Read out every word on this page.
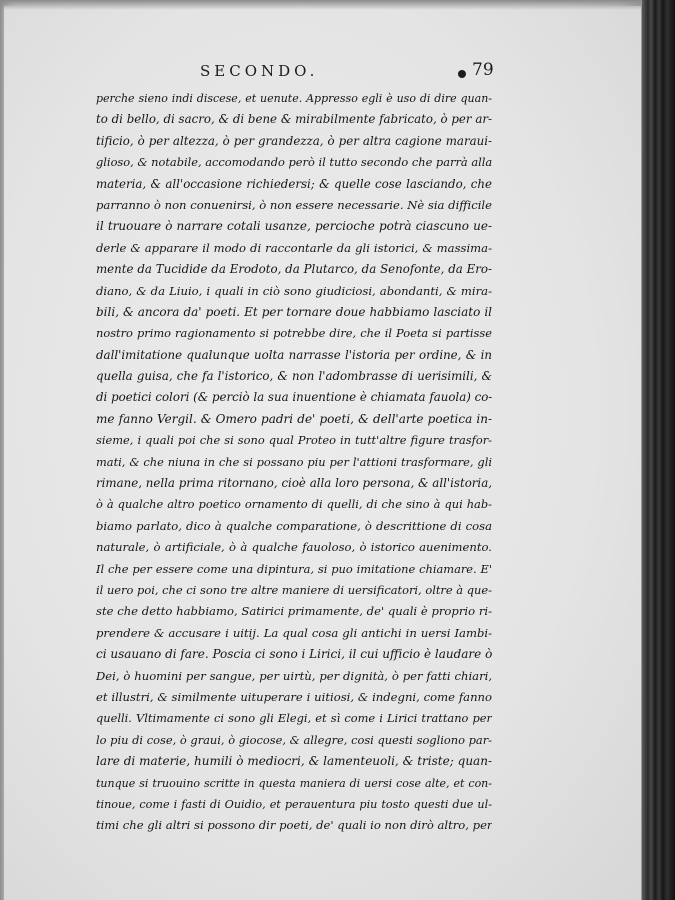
SECONDO.	79
perche sieno indi discese, et uenute. Appresso egli è uso di dire quan-
to di bello, di sacro, & di bene & mirabilmente fabricato, ò per ar-
tificio, ò per altezza, ò per grandezza, ò per altra cagione maraui-
glioso, & notabile, accomodando però il tutto secondo che parrà alla
materia, & all'occasione richiedersi; & quelle cose lasciando, che
parranno ò non conuenirsi, ò non essere necessarie. Nè sia difficile
il truouare ò narrare cotali usanze, percioche potrà ciascuno ue-
derle & apparare il modo di raccontarle da gli istorici, & massima-
mente da Tucidide da Erodoto, da Plutarco, da Senofonte, da Ero-
diano, & da Liuio, i quali in ciò sono giudiciosi, abondanti, & mira-
bili, & ancora da' poeti. Et per tornare doue habbiamo lasciato il
nostro primo ragionamento si potrebbe dire, che il Poeta si partisse
dall'imitatione qualunque uolta narrasse l'istoria per ordine, & in
quella guisa, che fa l'istorico, & non l'adombrasse di uerisimili, &
di poetici colori (& perciò la sua inuentione è chiamata fauola) co-
me fanno Vergil. & Omero padri de' poeti, & dell'arte poetica in-
sieme, i quali poi che si sono qual Proteo in tutt'altre figure trasfor-
mati, & che niuna in che si possano piu per l'attioni trasformare, gli
rimane, nella prima ritornano, cioè alla loro persona, & all'istoria,
ò à qualche altro poetico ornamento di quelli, di che sino à qui hab-
biamo parlato, dico à qualche comparatione, ò descrittione di cosa
naturale, ò artificiale, ò à qualche fauoloso, ò istorico auenimento.
Il che per essere come una dipintura, si puo imitatione chiamare. E'
il uero poi, che ci sono tre altre maniere di uersificatori, oltre à que-
ste che detto habbiamo, Satirici primamente, de' quali è proprio ri-
prendere & accusare i uitij. La qual cosa gli antichi in uersi Iambi-
ci usauano di fare. Poscia ci sono i Lirici, il cui ufficio è laudare ò
Dei, ò huomini per sangue, per uirtù, per dignità, ò per fatti chiari,
et illustri, & similmente uituperare i uitiosi, & indegni, come fanno
quelli. Vltimamente ci sono gli Elegi, et sì come i Lirici trattano per
lo piu di cose, ò graui, ò giocose, & allegre, cosi questi sogliono par-
lare di materie, humili ò mediocri, & lamenteuoli, & triste; quan-
tunque si truouino scritte in questa maniera di uersi cose alte, et con-
tinoue, come i fasti di Ouidio, et perauentura piu tosto questi due ul-
timi che gli altri si possono dir poeti, de' quali io non dirò altro, per
